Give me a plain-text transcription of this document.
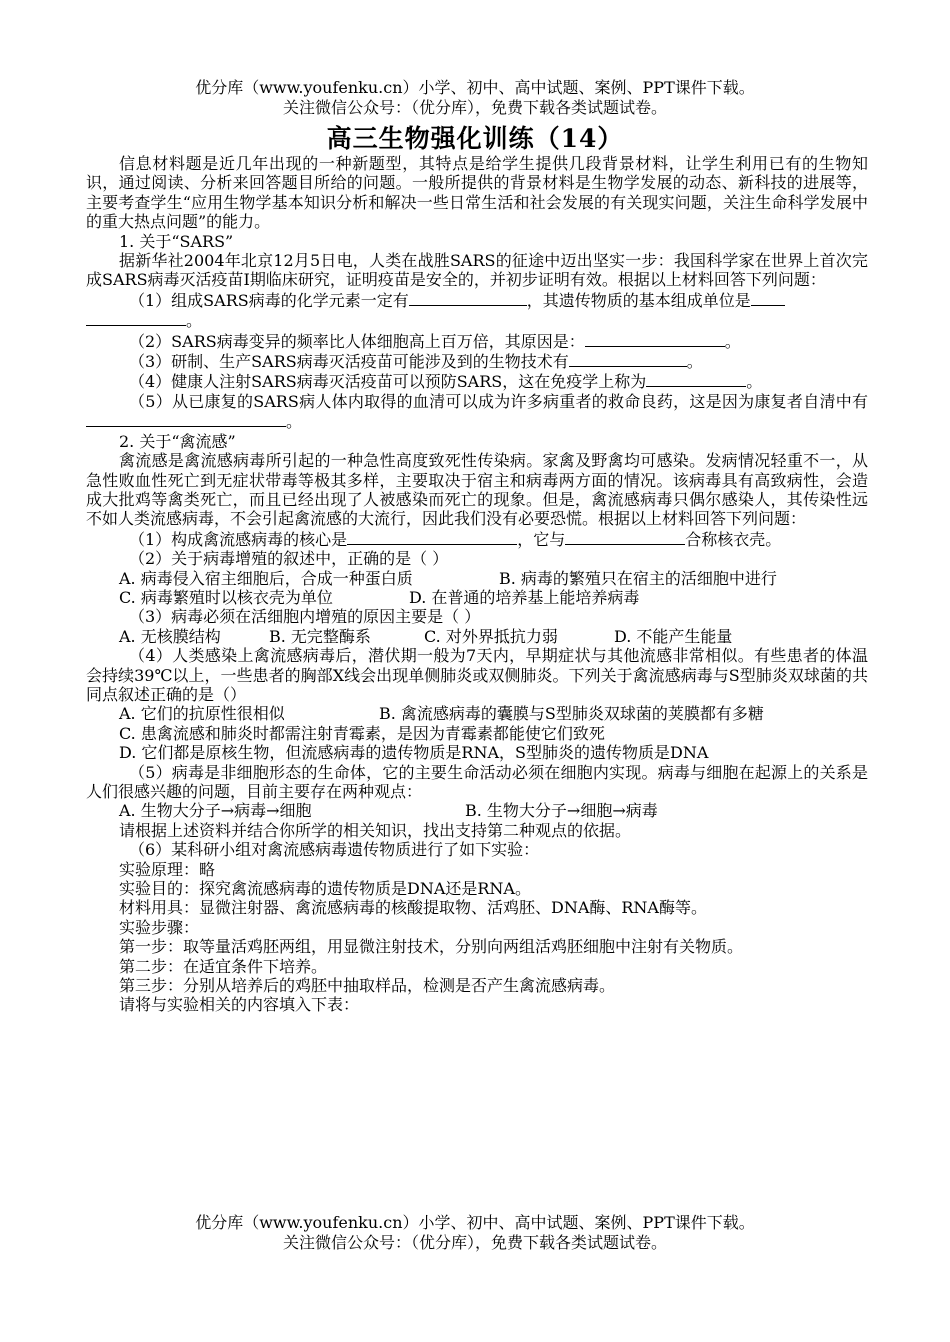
优分库（www.youfenku.cn）小学、初中、高中试题、案例、PPT课件下载。
关注微信公众号：（优分库），免费下载各类试题试卷。
高三生物强化训练（14）

信息材料题是近几年出现的一种新题型，其特点是给学生提供几段背景材料，让学生利用已有的生物知识，通过阅读、分析来回答题目所给的问题。一般所提供的背景材料是生物学发展的动态、新科技的进展等，主要考查学生“应用生物学基本知识分析和解决一些日常生活和社会发展的有关现实问题，关注生命科学发展中的重大热点问题”的能力。

1. 关于“SARS”

据新华社2004年北京12月5日电，人类在战胜SARS的征途中迈出坚实一步：我国科学家在世界上首次完成SARS病毒灭活疫苗I期临床研究，证明疫苗是安全的，并初步证明有效。根据以上材料回答下列问题：

（1）组成SARS病毒的化学元素一定有	，其遗传物质的基本组成单位是

。

（2）SARS病毒变异的频率比人体细胞高上百万倍，其原因是：	。

（3）研制、生产SARS病毒灭活疫苗可能涉及到的生物技术有	。

（4）健康人注射SARS病毒灭活疫苗可以预防SARS，这在免疫学上称为	。

（5）从已康复的SARS病人体内取得的血清可以成为许多病重者的救命良药，这是因为康复者自清中有。

2. 关于“禽流感”

禽流感是禽流感病毒所引起的一种急性高度致死性传染病。家禽及野禽均可感染。发病情况轻重不一，从急性败血性死亡到无症状带毒等极其多样，主要取决于宿主和病毒两方面的情况。该病毒具有高致病性，会造成大批鸡等禽类死亡，而且已经出现了人被感染而死亡的现象。但是，禽流感病毒只偶尔感染人，其传染性远不如人类流感病毒，不会引起禽流感的大流行，因此我们没有必要恐慌。根据以上材料回答下列问题：

（1）构成禽流感病毒的核心是	，它与	合称核衣壳。

（2）关于病毒增殖的叙述中，正确的是（ ）

A. 病毒侵入宿主细胞后，合成一种蛋白质	B. 病毒的繁殖只在宿主的活细胞中进行
C. 病毒繁殖时以核衣壳为单位	D. 在普通的培养基上能培养病毒

（3）病毒必须在活细胞内增殖的原因主要是（ ）

A. 无核膜结构	B. 无完整酶系	C. 对外界抵抗力弱	D. 不能产生能量

（4）人类感染上禽流感病毒后，潜伏期一般为7天内，早期症状与其他流感非常相似。有些患者的体温会持续39℃以上，一些患者的胸部X线会出现单侧肺炎或双侧肺炎。下列关于禽流感病毒与S型肺炎双球菌的共同点叙述正确的是（）

A. 它们的抗原性很相似	B. 禽流感病毒的囊膜与S型肺炎双球菌的荚膜都有多糖

C. 患禽流感和肺炎时都需注射青霉素，是因为青霉素都能使它们致死

D. 它们都是原核生物，但流感病毒的遗传物质是RNA，S型肺炎的遗传物质是DNA

（5）病毒是非细胞形态的生命体，它的主要生命活动必须在细胞内实现。病毒与细胞在起源上的关系是人们很感兴趣的问题，目前主要存在两种观点：

A. 生物大分子→病毒→细胞	B. 生物大分子→细胞→病毒

请根据上述资料并结合你所学的相关知识，找出支持第二种观点的依据。

（6）某科研小组对禽流感病毒遗传物质进行了如下实验：

实验原理：略

实验目的：探究禽流感病毒的遗传物质是DNA还是RNA。

材料用具：显微注射器、禽流感病毒的核酸提取物、活鸡胚、DNA酶、RNA酶等。

实验步骤：

第一步：取等量活鸡胚两组，用显微注射技术，分别向两组活鸡胚细胞中注射有关物质。

第二步：在适宜条件下培养。

第三步：分别从培养后的鸡胚中抽取样品，检测是否产生禽流感病毒。

请将与实验相关的内容填入下表：

优分库（www.youfenku.cn）小学、初中、高中试题、案例、PPT课件下载。
关注微信公众号：（优分库），免费下载各类试题试卷。
